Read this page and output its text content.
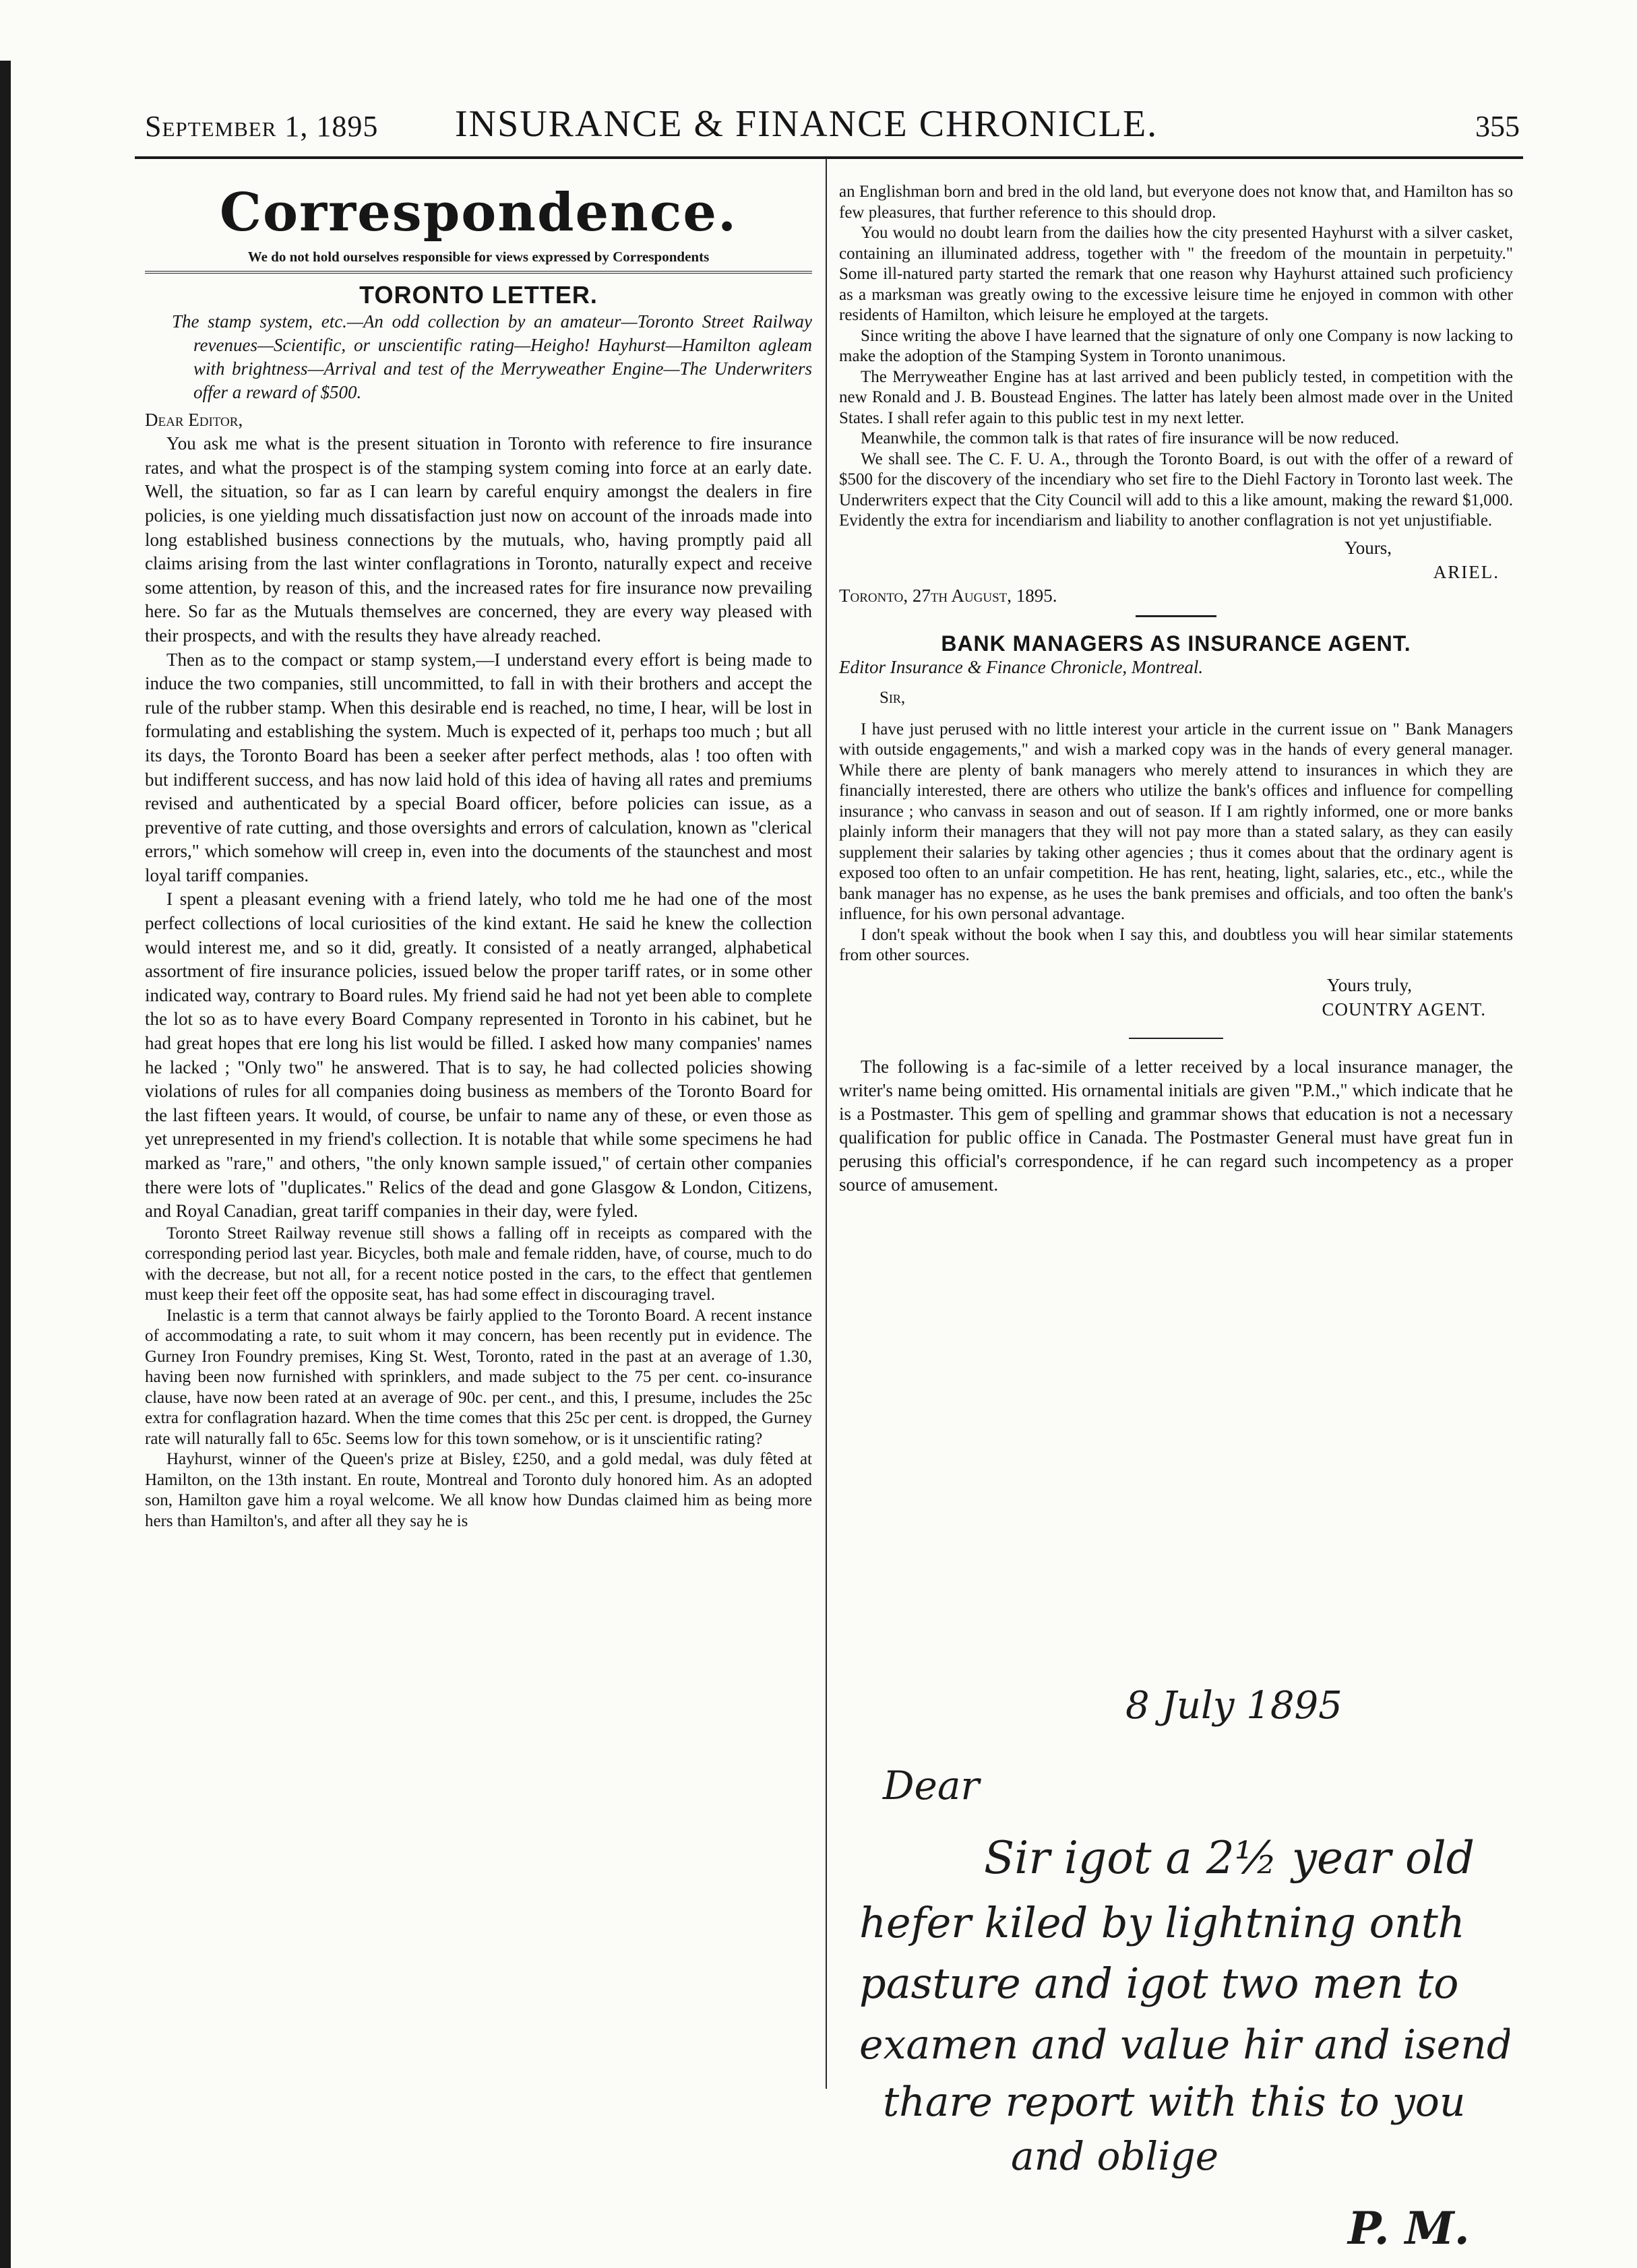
September 1, 1895 INSURANCE & FINANCE CHRONICLE.	355
Correspondence.
We do not hold ourselves responsible for views expressed by Correspondents
TORONTO LETTER.
The stamp system, etc.—An odd collection by an amateur—Toronto Street Railway revenues—Scientific, or unscientific rating—Heigho! Hayhurst—Hamilton agleam with brightness—Arrival and test of the Merryweather Engine—The Underwriters offer a reward of $500.

Dear Editor,

You ask me what is the present situation in Toronto with reference to fire insurance rates, and what the prospect is of the stamping system coming into force at an early date. Well, the situation, so far as I can learn by careful enquiry amongst the dealers in fire policies, is one yielding much dissatisfaction just now on account of the inroads made into long established business connections by the mutuals, who, having promptly paid all claims arising from the last winter conflagrations in Toronto, naturally expect and receive some attention, by reason of this, and the increased rates for fire insurance now prevailing here. So far as the Mutuals themselves are concerned, they are every way pleased with their prospects, and with the results they have already reached.

Then as to the compact or stamp system,—I understand every effort is being made to induce the two companies, still uncommitted, to fall in with their brothers and accept the rule of the rubber stamp. When this desirable end is reached, no time, I hear, will be lost in formulating and establishing the system. Much is expected of it, perhaps too much ; but all its days, the Toronto Board has been a seeker after perfect methods, alas ! too often with but indifferent success, and has now laid hold of this idea of having all rates and premiums revised and authenticated by a special Board officer, before policies can issue, as a preventive of rate cutting, and those oversights and errors of calculation, known as "clerical errors," which somehow will creep in, even into the documents of the staunchest and most loyal tariff companies.

I spent a pleasant evening with a friend lately, who told me he had one of the most perfect collections of local curiosities of the kind extant. He said he knew the collection would interest me, and so it did, greatly. It consisted of a neatly arranged, alphabetical assortment of fire insurance policies, issued below the proper tariff rates, or in some other indicated way, contrary to Board rules. My friend said he had not yet been able to complete the lot so as to have every Board Company represented in Toronto in his cabinet, but he had great hopes that ere long his list would be filled. I asked how many companies' names he lacked ; "Only two" he answered. That is to say, he had collected policies showing violations of rules for all companies doing business as members of the Toronto Board for the last fifteen years. It would, of course, be unfair to name any of these, or even those as yet unrepresented in my friend's collection. It is notable that while some specimens he had marked as "rare," and others, "the only known sample issued," of certain other companies there were lots of "duplicates." Relics of the dead and gone Glasgow & London, Citizens, and Royal Canadian, great tariff companies in their day, were fyled.

Toronto Street Railway revenue still shows a falling off in receipts as compared with the corresponding period last year. Bicycles, both male and female ridden, have, of course, much to do with the decrease, but not all, for a recent notice posted in the cars, to the effect that gentlemen must keep their feet off the opposite seat, has had some effect in discouraging travel.

Inelastic is a term that cannot always be fairly applied to the Toronto Board. A recent instance of accommodating a rate, to suit whom it may concern, has been recently put in evidence. The Gurney Iron Foundry premises, King St. West, Toronto, rated in the past at an average of 1.30, having been now furnished with sprinklers, and made subject to the 75 per cent. co-insurance clause, have now been rated at an average of 90c. per cent., and this, I presume, includes the 25c extra for conflagration hazard. When the time comes that this 25c per cent. is dropped, the Gurney rate will naturally fall to 65c. Seems low for this town somehow, or is it unscientific rating?

Hayhurst, winner of the Queen's prize at Bisley, £250, and a gold medal, was duly fêted at Hamilton, on the 13th instant. En route, Montreal and Toronto duly honored him. As an adopted son, Hamilton gave him a royal welcome. We all know how Dundas claimed him as being more hers than Hamilton's, and after all they say he is

an Englishman born and bred in the old land, but everyone does not know that, and Hamilton has so few pleasures, that further reference to this should drop.

You would no doubt learn from the dailies how the city presented Hayhurst with a silver casket, containing an illuminated address, together with " the freedom of the mountain in perpetuity." Some ill-natured party started the remark that one reason why Hayhurst attained such proficiency as a marksman was greatly owing to the excessive leisure time he enjoyed in common with other residents of Hamilton, which leisure he employed at the targets.

Since writing the above I have learned that the signature of only one Company is now lacking to make the adoption of the Stamping System in Toronto unanimous.

The Merryweather Engine has at last arrived and been publicly tested, in competition with the new Ronald and J. B. Boustead Engines. The latter has lately been almost made over in the United States. I shall refer again to this public test in my next letter.

Meanwhile, the common talk is that rates of fire insurance will be now reduced.

We shall see. The C. F. U. A., through the Toronto Board, is out with the offer of a reward of $500 for the discovery of the incendiary who set fire to the Diehl Factory in Toronto last week. The Underwriters expect that the City Council will add to this a like amount, making the reward $1,000. Evidently the extra for incendiarism and liability to another conflagration is not yet unjustifiable.

Yours,
ARIEL.
Toronto, 27th August, 1895.
BANK MANAGERS AS INSURANCE AGENT.

Editor Insurance & Finance Chronicle, Montreal.

Sir,

I have just perused with no little interest your article in the current issue on " Bank Managers with outside engagements," and wish a marked copy was in the hands of every general manager. While there are plenty of bank managers who merely attend to insurances in which they are financially interested, there are others who utilize the bank's offices and influence for compelling insurance ; who canvass in season and out of season. If I am rightly informed, one or more banks plainly inform their managers that they will not pay more than a stated salary, as they can easily supplement their salaries by taking other agencies ; thus it comes about that the ordinary agent is exposed too often to an unfair competition. He has rent, heating, light, salaries, etc., etc., while the bank manager has no expense, as he uses the bank premises and officials, and too often the bank's influence, for his own personal advantage.

I don't speak without the book when I say this, and doubtless you will hear similar statements from other sources.

Yours truly,
COUNTRY AGENT.

The following is a fac-simile of a letter received by a local insurance manager, the writer's name being omitted. His ornamental initials are given "P.M.," which indicate that he is a Postmaster. This gem of spelling and grammar shows that education is not a necessary qualification for public office in Canada. The Postmaster General must have great fun in perusing this official's correspondence, if he can regard such incompetency as a proper source of amusement.

8 July 1895
Dear
Sir igot a 2½ year old
hefer kiled by lightning onth
pasture and igot two men to
examen and value hir and isend
thare report with this to you
and oblige
P. M.
